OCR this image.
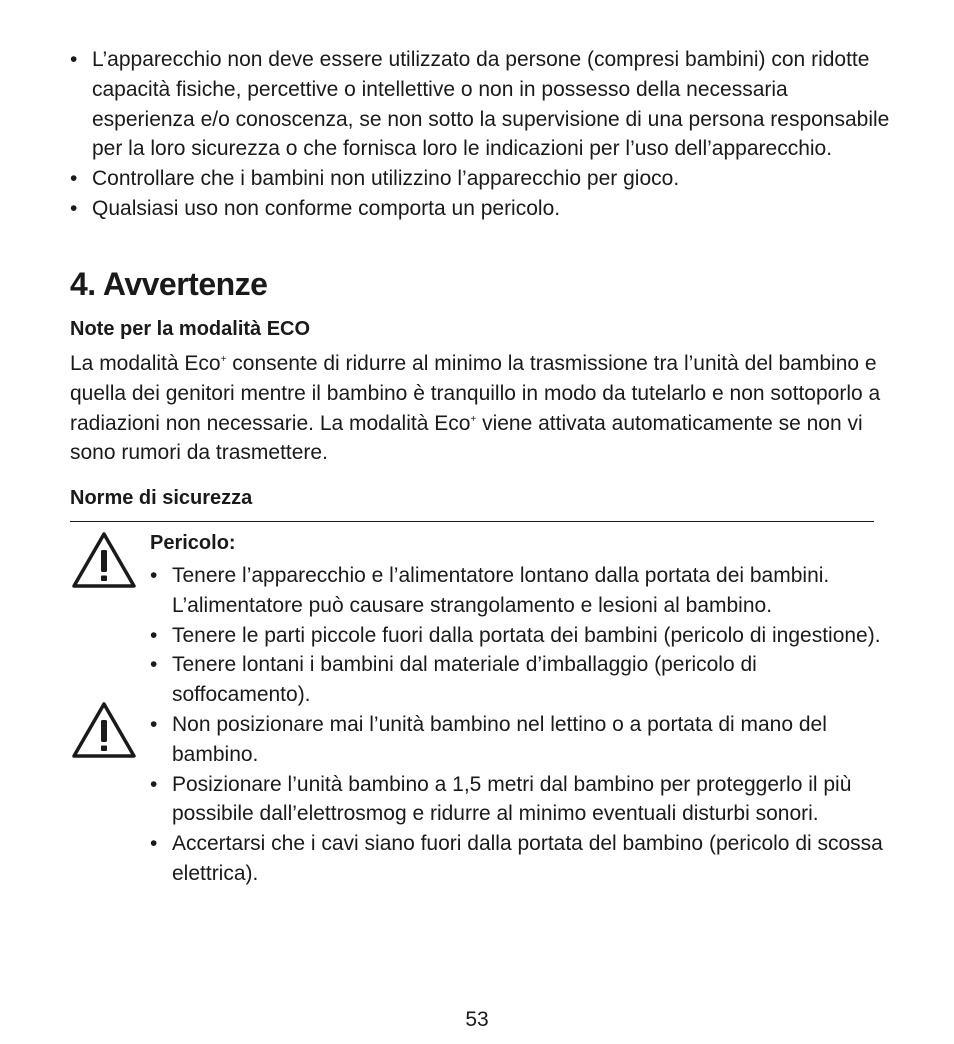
• L’apparecchio non deve essere utilizzato da persone (compresi bambini) con ridotte capacità fisiche, percettive o intellettive o non in possesso della necessaria esperienza e/o conoscenza, se non sotto la supervisione di una persona responsabile per la loro sicurezza o che fornisca loro le indicazioni per l’uso dell’apparecchio.
• Controllare che i bambini non utilizzino l’apparecchio per gioco.
• Qualsiasi uso non conforme comporta un pericolo.
4. Avvertenze
Note per la modalità ECO

La modalità Eco+ consente di ridurre al minimo la trasmissione tra l’unità del bambino e quella dei genitori mentre il bambino è tranquillo in modo da tutelarlo e non sottoporlo a radiazioni non necessarie. La modalità Eco+ viene attivata automaticamente se non vi sono rumori da trasmettere.

Norme di sicurezza
Pericolo:
• Tenere l’apparecchio e l’alimentatore lontano dalla portata dei bambini. L’alimentatore può causare strangolamento e lesioni al bambino.
• Tenere le parti piccole fuori dalla portata dei bambini (pericolo di ingestione).
• Tenere lontani i bambini dal materiale d’imballaggio (pericolo di soffocamento).
• Non posizionare mai l’unità bambino nel lettino o a portata di mano del bambino.
• Posizionare l’unità bambino a 1,5 metri dal bambino per proteggerlo il più possibile dall’elettrosmog e ridurre al minimo eventuali disturbi sonori.
• Accertarsi che i cavi siano fuori dalla portata del bambino (pericolo di scossa elettrica).
53
